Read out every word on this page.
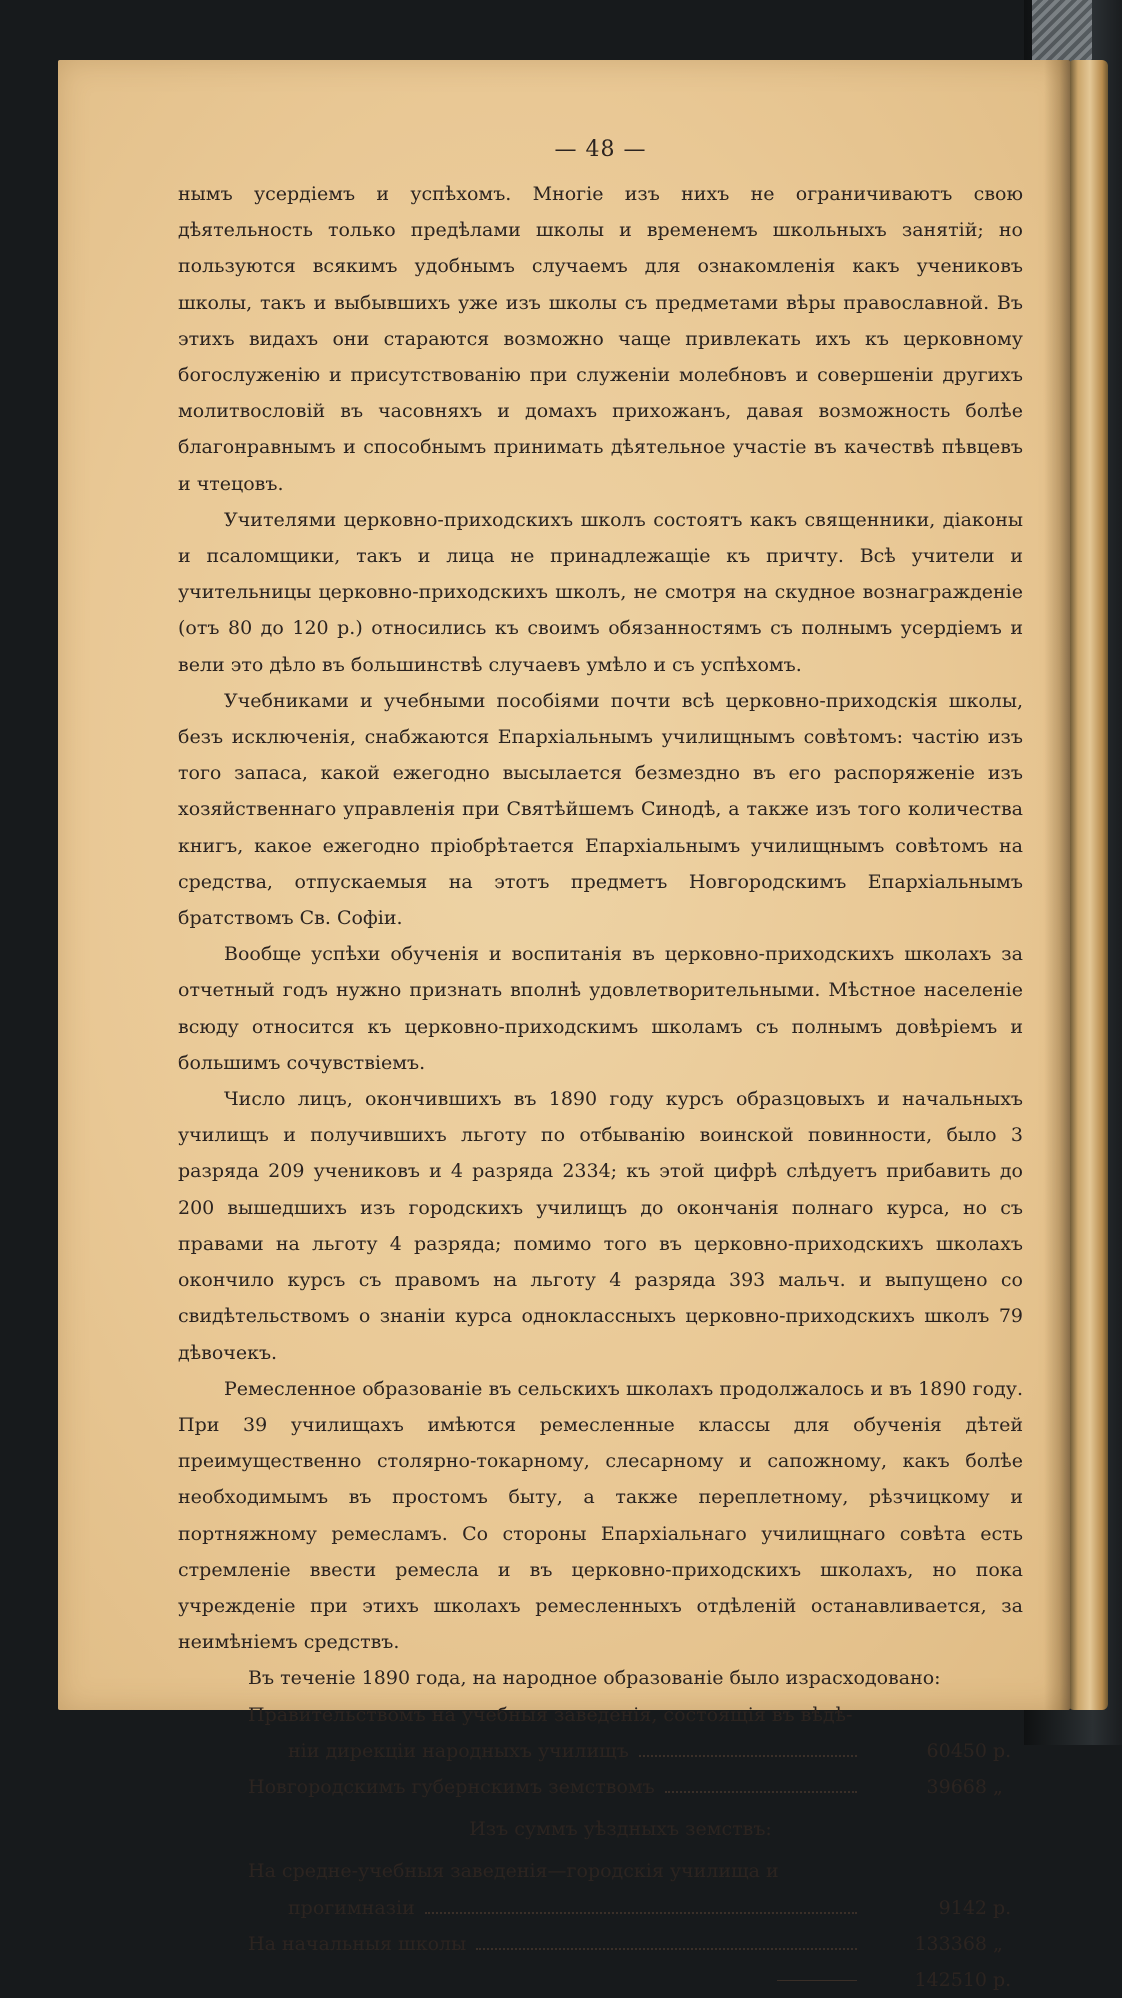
— 48 —

нымъ усердіемъ и успѣхомъ. Многіе изъ нихъ не ограничиваютъ свою дѣятельность только предѣлами школы и временемъ школьныхъ занятій; но пользуются всякимъ удобнымъ случаемъ для ознакомленія какъ учениковъ школы, такъ и выбывшихъ уже изъ школы съ предметами вѣры православной. Въ этихъ видахъ они стараются возможно чаще привлекать ихъ къ церковному богослуженію и присутствованію при служеніи молебновъ и совершеніи другихъ молитвословій въ часовняхъ и домахъ прихожанъ, давая возможность болѣе благонравнымъ и способнымъ принимать дѣятельное участіе въ качествѣ пѣвцевъ и чтецовъ.

Учителями церковно-приходскихъ школъ состоятъ какъ священники, діаконы и псаломщики, такъ и лица не принадлежащіе къ причту. Всѣ учители и учительницы церковно-приходскихъ школъ, не смотря на скудное вознагражденіе (отъ 80 до 120 р.) относились къ своимъ обязанностямъ съ полнымъ усердіемъ и вели это дѣло въ большинствѣ случаевъ умѣло и съ успѣхомъ.

Учебниками и учебными пособіями почти всѣ церковно-приходскія школы, безъ исключенія, снабжаются Епархіальнымъ училищнымъ совѣтомъ: частію изъ того запаса, какой ежегодно высылается безмездно въ его распоряженіе изъ хозяйственнаго управленія при Святѣйшемъ Синодѣ, а также изъ того количества книгъ, какое ежегодно пріобрѣтается Епархіальнымъ училищнымъ совѣтомъ на средства, отпускаемыя на этотъ предметъ Новгородскимъ Епархіальнымъ братствомъ Св. Софіи.

Вообще успѣхи обученія и воспитанія въ церковно-приходскихъ школахъ за отчетный годъ нужно признать вполнѣ удовлетворительными. Мѣстное населеніе всюду относится къ церковно-приходскимъ школамъ съ полнымъ довѣріемъ и большимъ сочувствіемъ.

Число лицъ, окончившихъ въ 1890 году курсъ образцовыхъ и начальныхъ училищъ и получившихъ льготу по отбыванію воинской повинности, было 3 разряда 209 учениковъ и 4 разряда 2334; къ этой цифрѣ слѣдуетъ прибавить до 200 вышедшихъ изъ городскихъ училищъ до окончанія полнаго курса, но съ правами на льготу 4 разряда; помимо того въ церковно-приходскихъ школахъ окончило курсъ съ правомъ на льготу 4 разряда 393 мальч. и выпущено со свидѣтельствомъ о знаніи курса одноклассныхъ церковно-приходскихъ школъ 79 дѣвочекъ.

Ремесленное образованіе въ сельскихъ школахъ продолжалось и въ 1890 году. При 39 училищахъ имѣются ремесленные классы для обученія дѣтей преимущественно столярно-токарному, слесарному и сапожному, какъ болѣе необходимымъ въ простомъ быту, а также переплетному, рѣзчицкому и портняжному ремесламъ. Со стороны Епархіальнаго училищнаго совѣта есть стремленіе ввести ремесла и въ церковно-приходскихъ школахъ, но пока учрежденіе при этихъ школахъ ремесленныхъ отдѣленій останавливается, за неимѣніемъ средствъ.

Въ теченіе 1890 года, на народное образованіе было израсходовано:
Правительствомъ на учебныя заведенія, состоящія въ вѣдѣ-
ніи дирекціи народныхъ училищъ	60450 р.
Новгородскимъ губернскимъ земствомъ	39668 „
Изъ суммъ уѣздныхъ земствъ:
На средне-учебныя заведенія—городскія училища и
прогимназіи	9142 р.
На начальныя школы	133368 „
142510 р.
